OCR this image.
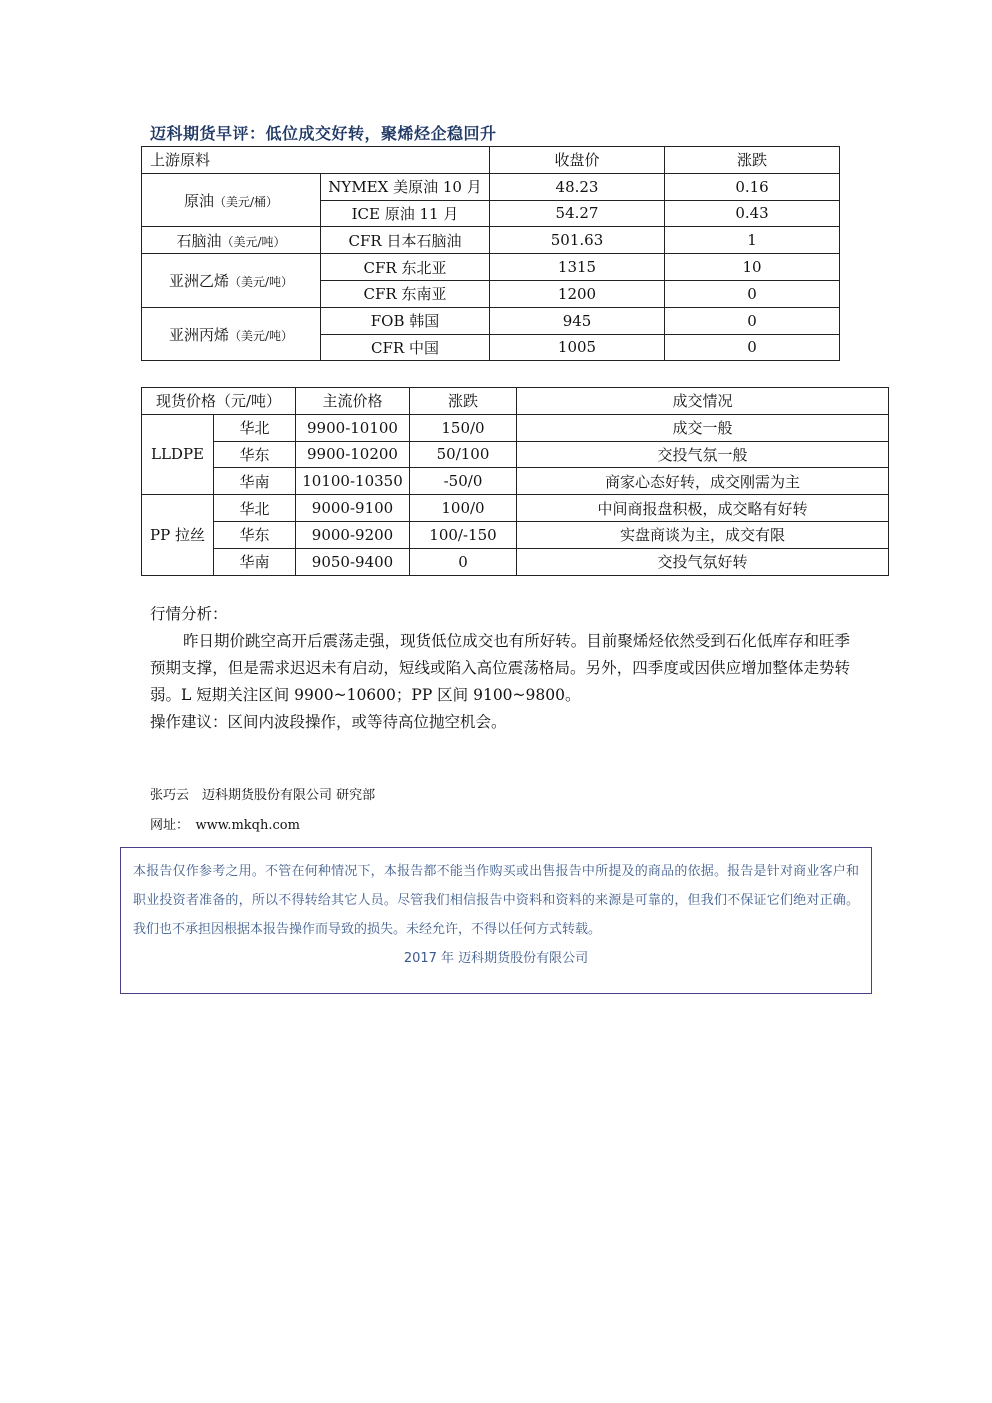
迈科期货早评：低位成交好转，聚烯烃企稳回升
上游原料		收盘价	涨跌
原油（美元/桶）	NYMEX 美原油 10 月	48.23	0.16
	ICE 原油 11 月	54.27	0.43
石脑油（美元/吨）	CFR 日本石脑油	501.63	1
亚洲乙烯（美元/吨）	CFR 东北亚	1315	10
	CFR 东南亚	1200	0
亚洲丙烯（美元/吨）	FOB 韩国	945	0
	CFR 中国	1005	0
现货价格（元/吨）		主流价格	涨跌	成交情况
LLDPE	华北	9900-10100	150/0	成交一般
	华东	9900-10200	50/100	交投气氛一般
	华南	10100-10350	-50/0	商家心态好转，成交刚需为主
PP 拉丝	华北	9000-9100	100/0	中间商报盘积极，成交略有好转
	华东	9000-9200	100/-150	实盘商谈为主，成交有限
	华南	9050-9400	0	交投气氛好转

行情分析：

昨日期价跳空高开后震荡走强，现货低位成交也有所好转。目前聚烯烃依然受到石化低库存和旺季预期支撑，但是需求迟迟未有启动，短线或陷入高位震荡格局。另外，四季度或因供应增加整体走势转弱。L 短期关注区间 9900~10600；PP 区间 9100~9800。

操作建议：区间内波段操作，或等待高位抛空机会。

张巧云　迈科期货股份有限公司 研究部
网址：　www.mkqh.com

本报告仅作参考之用。不管在何种情况下，本报告都不能当作购买或出售报告中所提及的商品的依据。报告是针对商业客户和职业投资者准备的，所以不得转给其它人员。尽管我们相信报告中资料和资料的来源是可靠的，但我们不保证它们绝对正确。我们也不承担因根据本报告操作而导致的损失。未经允许，不得以任何方式转载。

2017 年 迈科期货股份有限公司
